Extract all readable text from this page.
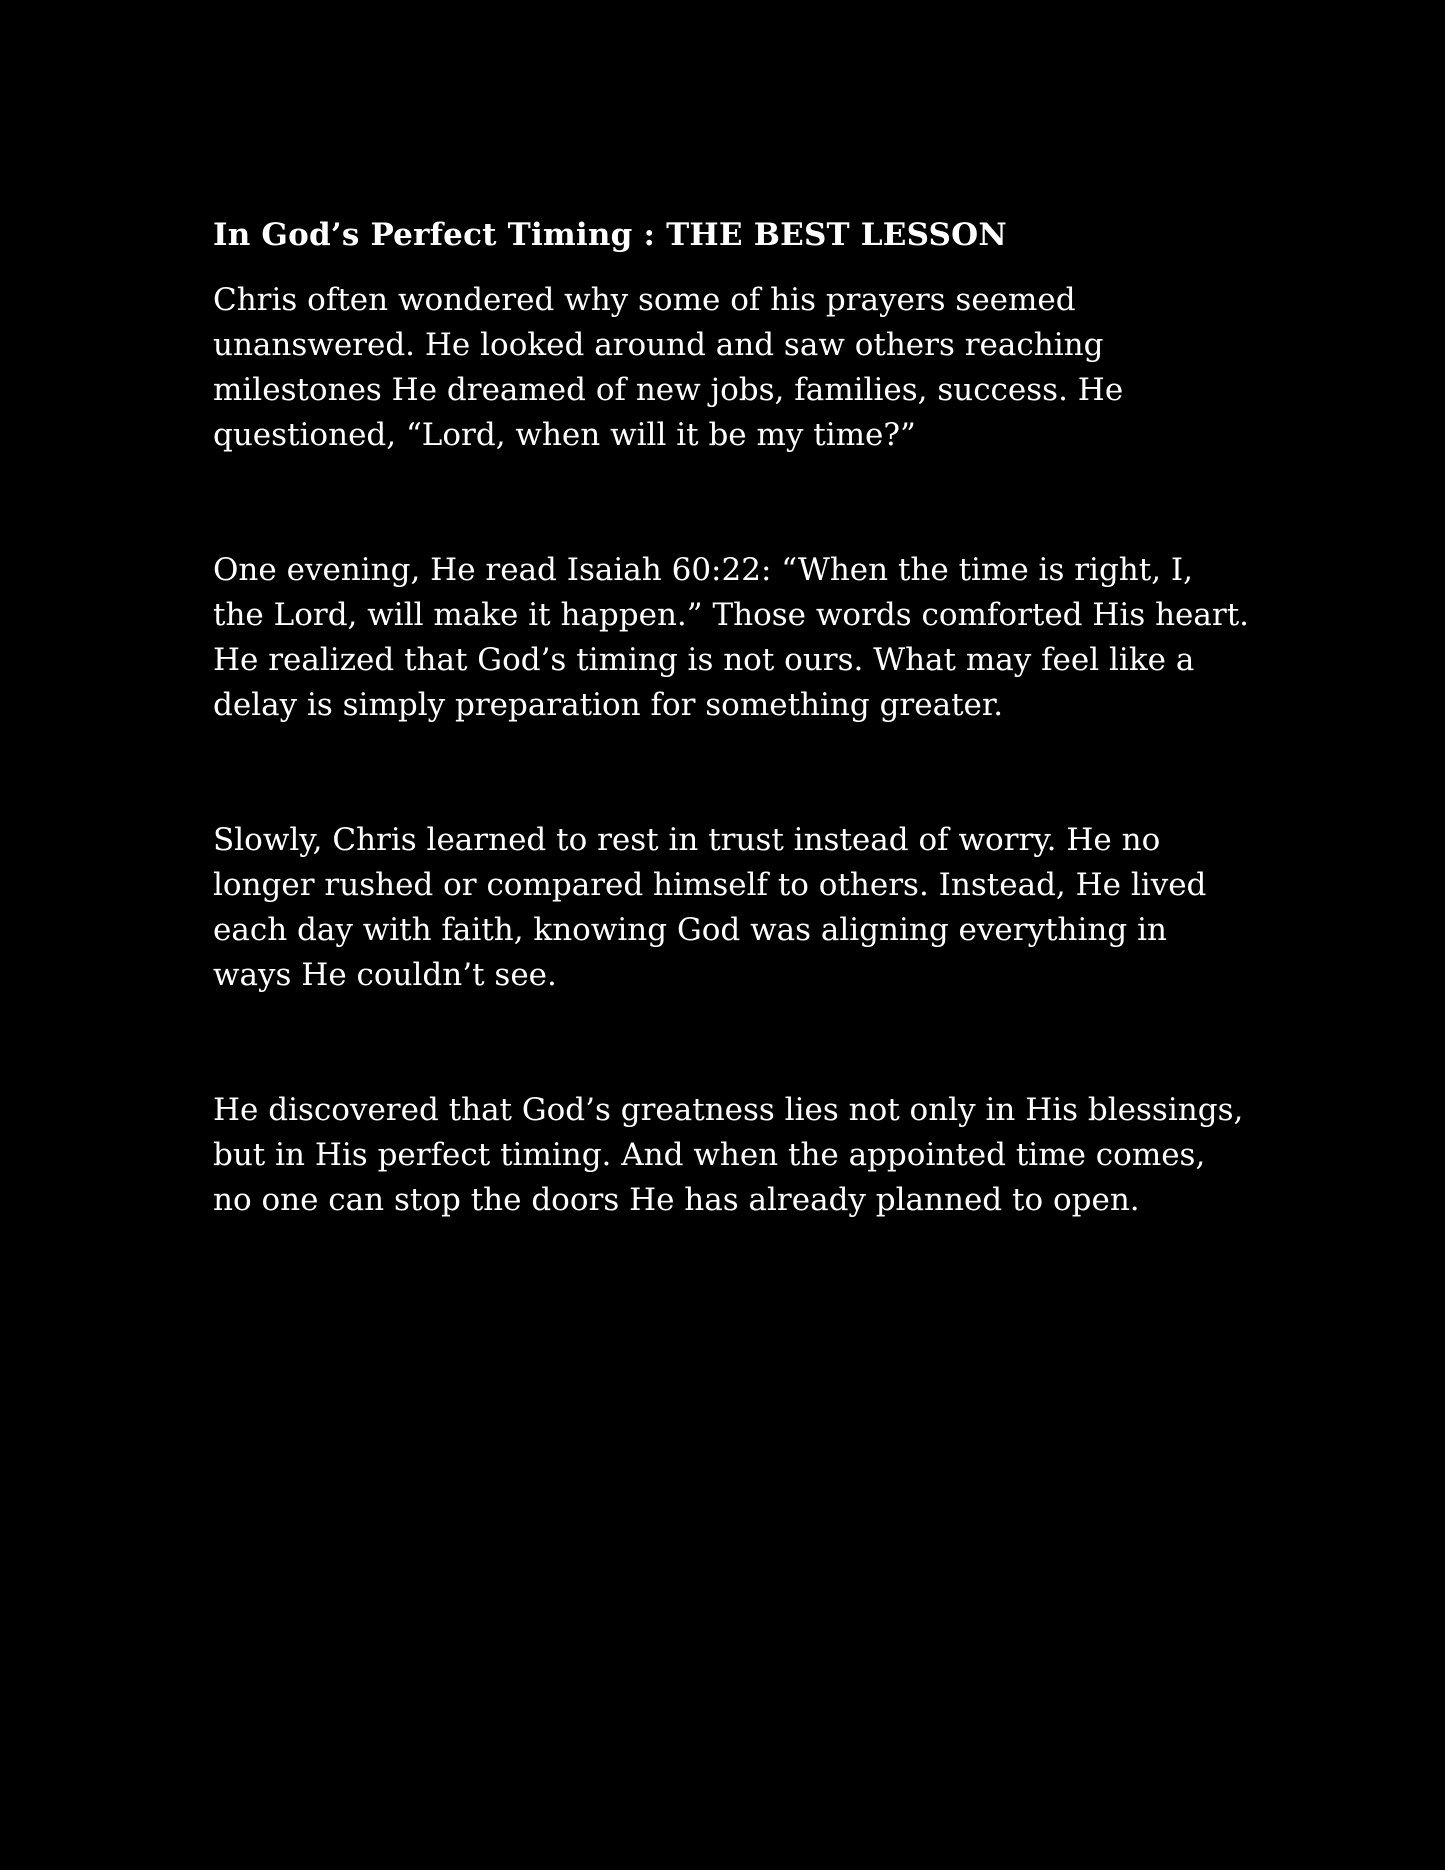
In God’s Perfect Timing : THE BEST LESSON

Chris often wondered why some of his prayers seemed unanswered. He looked around and saw others reaching milestones He dreamed of new jobs, families, success. He questioned, “Lord, when will it be my time?”

One evening, He read Isaiah 60:22: “When the time is right, I, the Lord, will make it happen.” Those words comforted His heart. He realized that God’s timing is not ours. What may feel like a delay is simply preparation for something greater.

Slowly, Chris learned to rest in trust instead of worry. He no longer rushed or compared himself to others. Instead, He lived each day with faith, knowing God was aligning everything in ways He couldn’t see.

He discovered that God’s greatness lies not only in His blessings, but in His perfect timing. And when the appointed time comes, no one can stop the doors He has already planned to open.
